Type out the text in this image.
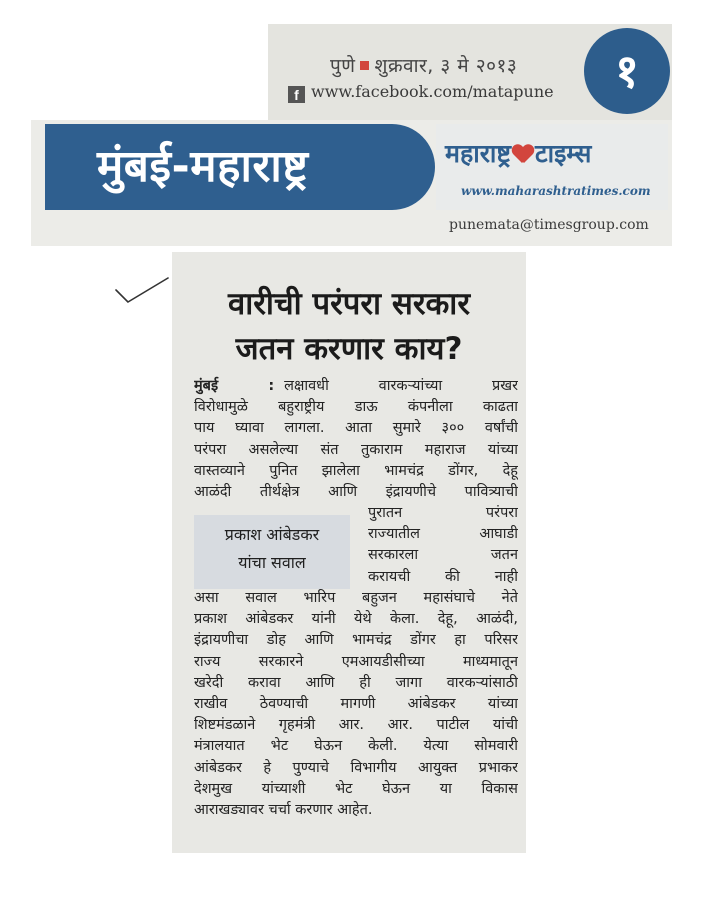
पुणे शुक्रवार, ३ मे २०१३
f www.facebook.com/matapune	१
मुंबई-महाराष्ट्र	महाराष्ट्र टाइम्स
www.maharashtratimes.com
punemata@timesgroup.com
वारीची परंपरा सरकार
जतन करणार काय?
मुंबई : लक्षावधी वारकऱ्यांच्या प्रखर
विरोधामुळे बहुराष्ट्रीय डाऊ कंपनीला काढता
पाय घ्यावा लागला. आता सुमारे ३०० वर्षांची
परंपरा असलेल्या संत तुकाराम महाराज यांच्या
वास्तव्याने पुनित झालेला भामचंद्र डोंगर, देहू
आळंदी तीर्थक्षेत्र आणि इंद्रायणीचे पावित्र्याची
प्रकाश आंबेडकर
यांचा सवाल
पुरातन परंपरा
राज्यातील आघाडी
सरकारला जतन
करायची की नाही
असा सवाल भारिप बहुजन महासंघाचे नेते
प्रकाश आंबेडकर यांनी येथे केला. देहू, आळंदी,
इंद्रायणीचा डोह आणि भामचंद्र डोंगर हा परिसर
राज्य सरकारने एमआयडीसीच्या माध्यमातून
खरेदी करावा आणि ही जागा वारकऱ्यांसाठी
राखीव ठेवण्याची मागणी आंबेडकर यांच्या
शिष्टमंडळाने गृहमंत्री आर. आर. पाटील यांची
मंत्रालयात भेट घेऊन केली. येत्या सोमवारी
आंबेडकर हे पुण्याचे विभागीय आयुक्त प्रभाकर
देशमुख यांच्याशी भेट घेऊन या विकास
आराखड्यावर चर्चा करणार आहेत.
